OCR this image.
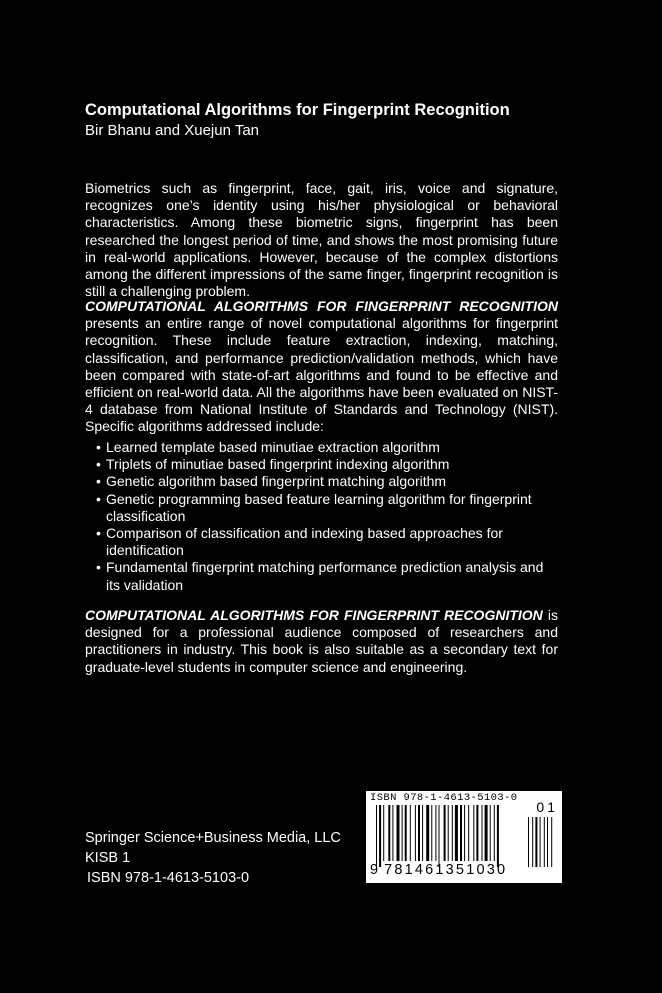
Computational Algorithms for Fingerprint Recognition
Bir Bhanu and Xuejun Tan

Biometrics such as fingerprint, face, gait, iris, voice and signature, recognizes one’s identity using his/her physiological or behavioral characteristics. Among these biometric signs, fingerprint has been researched the longest period of time, and shows the most promising future in real-world applications. However, because of the complex distortions among the different impressions of the same finger, fingerprint recognition is still a challenging problem.

COMPUTATIONAL ALGORITHMS FOR FINGERPRINT RECOGNITION presents an entire range of novel computational algorithms for fingerprint recognition. These include feature extraction, indexing, matching, classification, and performance prediction/validation methods, which have been compared with state-of-art algorithms and found to be effective and efficient on real-world data. All the algorithms have been evaluated on NIST-4 database from National Institute of Standards and Technology (NIST). Specific algorithms addressed include:

• Learned template based minutiae extraction algorithm
• Triplets of minutiae based fingerprint indexing algorithm
• Genetic algorithm based fingerprint matching algorithm
• Genetic programming based feature learning algorithm for fingerprint classification
• Comparison of classification and indexing based approaches for identification
• Fundamental fingerprint matching performance prediction analysis and its validation

COMPUTATIONAL ALGORITHMS FOR FINGERPRINT RECOGNITION is designed for a professional audience composed of researchers and practitioners in industry. This book is also suitable as a secondary text for graduate-level students in computer science and engineering.

Springer Science+Business Media, LLC
KISB 1
ISBN 978-1-4613-5103-0
ISBN 978-1-4613-5103-0
01
9 781461351030
